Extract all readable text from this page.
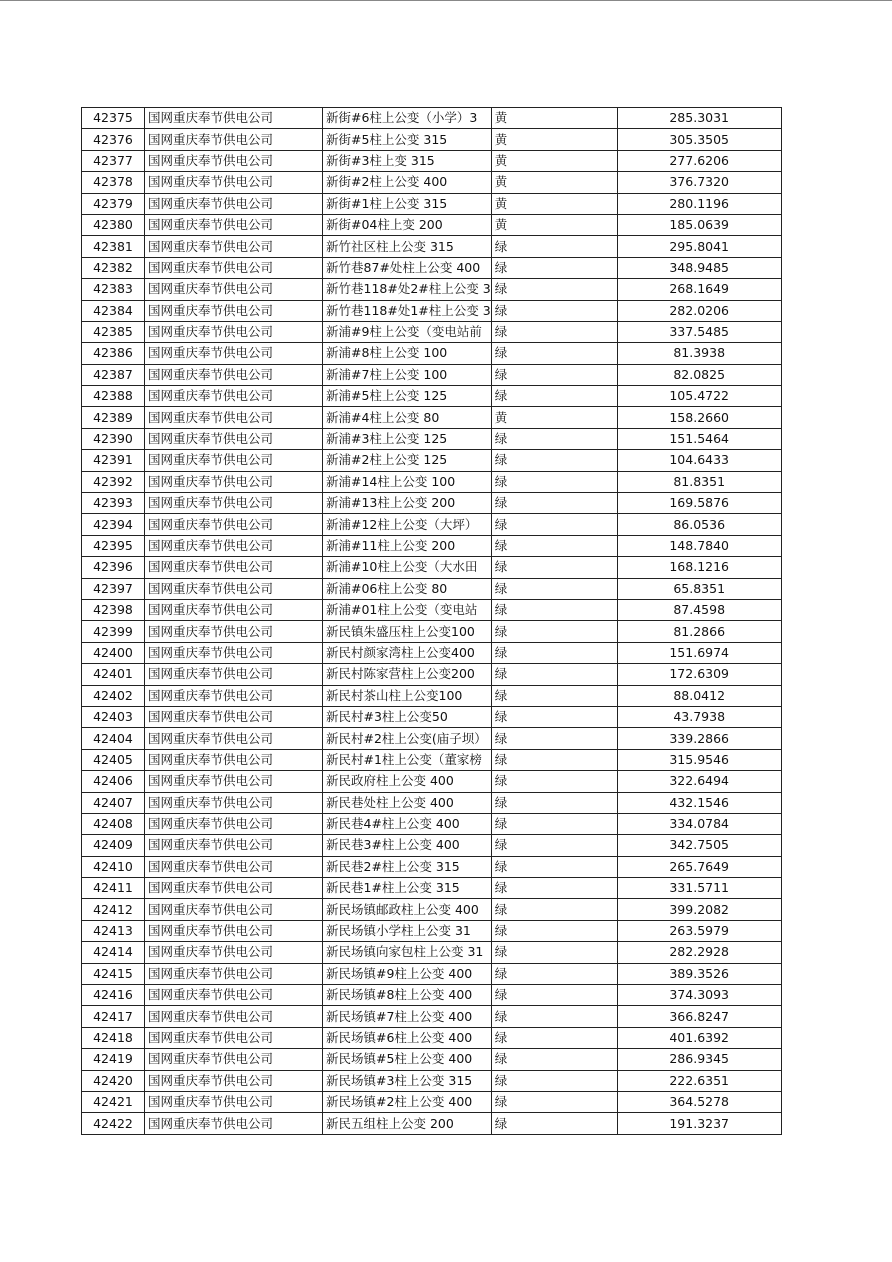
42375	国网重庆奉节供电公司	新街#6柱上公变（小学）3	黄	285.3031
42376	国网重庆奉节供电公司	新街#5柱上公变 315	黄	305.3505
42377	国网重庆奉节供电公司	新街#3柱上变 315	黄	277.6206
42378	国网重庆奉节供电公司	新街#2柱上公变 400	黄	376.7320
42379	国网重庆奉节供电公司	新街#1柱上公变 315	黄	280.1196
42380	国网重庆奉节供电公司	新街#04柱上变 200	黄	185.0639
42381	国网重庆奉节供电公司	新竹社区柱上公变 315	绿	295.8041
42382	国网重庆奉节供电公司	新竹巷87#处柱上公变 400	绿	348.9485
42383	国网重庆奉节供电公司	新竹巷118#处2#柱上公变 3	绿	268.1649
42384	国网重庆奉节供电公司	新竹巷118#处1#柱上公变 3	绿	282.0206
42385	国网重庆奉节供电公司	新浦#9柱上公变（变电站前	绿	337.5485
42386	国网重庆奉节供电公司	新浦#8柱上公变 100	绿	81.3938
42387	国网重庆奉节供电公司	新浦#7柱上公变 100	绿	82.0825
42388	国网重庆奉节供电公司	新浦#5柱上公变 125	绿	105.4722
42389	国网重庆奉节供电公司	新浦#4柱上公变 80	黄	158.2660
42390	国网重庆奉节供电公司	新浦#3柱上公变 125	绿	151.5464
42391	国网重庆奉节供电公司	新浦#2柱上公变 125	绿	104.6433
42392	国网重庆奉节供电公司	新浦#14柱上公变 100	绿	81.8351
42393	国网重庆奉节供电公司	新浦#13柱上公变 200	绿	169.5876
42394	国网重庆奉节供电公司	新浦#12柱上公变（大坪）	绿	86.0536
42395	国网重庆奉节供电公司	新浦#11柱上公变 200	绿	148.7840
42396	国网重庆奉节供电公司	新浦#10柱上公变（大水田	绿	168.1216
42397	国网重庆奉节供电公司	新浦#06柱上公变 80	绿	65.8351
42398	国网重庆奉节供电公司	新浦#01柱上公变（变电站	绿	87.4598
42399	国网重庆奉节供电公司	新民镇朱盛压柱上公变100	绿	81.2866
42400	国网重庆奉节供电公司	新民村颜家湾柱上公变400	绿	151.6974
42401	国网重庆奉节供电公司	新民村陈家营柱上公变200	绿	172.6309
42402	国网重庆奉节供电公司	新民村茶山柱上公变100	绿	88.0412
42403	国网重庆奉节供电公司	新民村#3柱上公变50	绿	43.7938
42404	国网重庆奉节供电公司	新民村#2柱上公变(庙子坝）	绿	339.2866
42405	国网重庆奉节供电公司	新民村#1柱上公变（董家榜	绿	315.9546
42406	国网重庆奉节供电公司	新民政府柱上公变 400	绿	322.6494
42407	国网重庆奉节供电公司	新民巷处柱上公变 400	绿	432.1546
42408	国网重庆奉节供电公司	新民巷4#柱上公变 400	绿	334.0784
42409	国网重庆奉节供电公司	新民巷3#柱上公变 400	绿	342.7505
42410	国网重庆奉节供电公司	新民巷2#柱上公变 315	绿	265.7649
42411	国网重庆奉节供电公司	新民巷1#柱上公变 315	绿	331.5711
42412	国网重庆奉节供电公司	新民场镇邮政柱上公变 400	绿	399.2082
42413	国网重庆奉节供电公司	新民场镇小学柱上公变 31	绿	263.5979
42414	国网重庆奉节供电公司	新民场镇向家包柱上公变 31	绿	282.2928
42415	国网重庆奉节供电公司	新民场镇#9柱上公变 400	绿	389.3526
42416	国网重庆奉节供电公司	新民场镇#8柱上公变 400	绿	374.3093
42417	国网重庆奉节供电公司	新民场镇#7柱上公变 400	绿	366.8247
42418	国网重庆奉节供电公司	新民场镇#6柱上公变 400	绿	401.6392
42419	国网重庆奉节供电公司	新民场镇#5柱上公变 400	绿	286.9345
42420	国网重庆奉节供电公司	新民场镇#3柱上公变 315	绿	222.6351
42421	国网重庆奉节供电公司	新民场镇#2柱上公变 400	绿	364.5278
42422	国网重庆奉节供电公司	新民五组柱上公变 200	绿	191.3237
